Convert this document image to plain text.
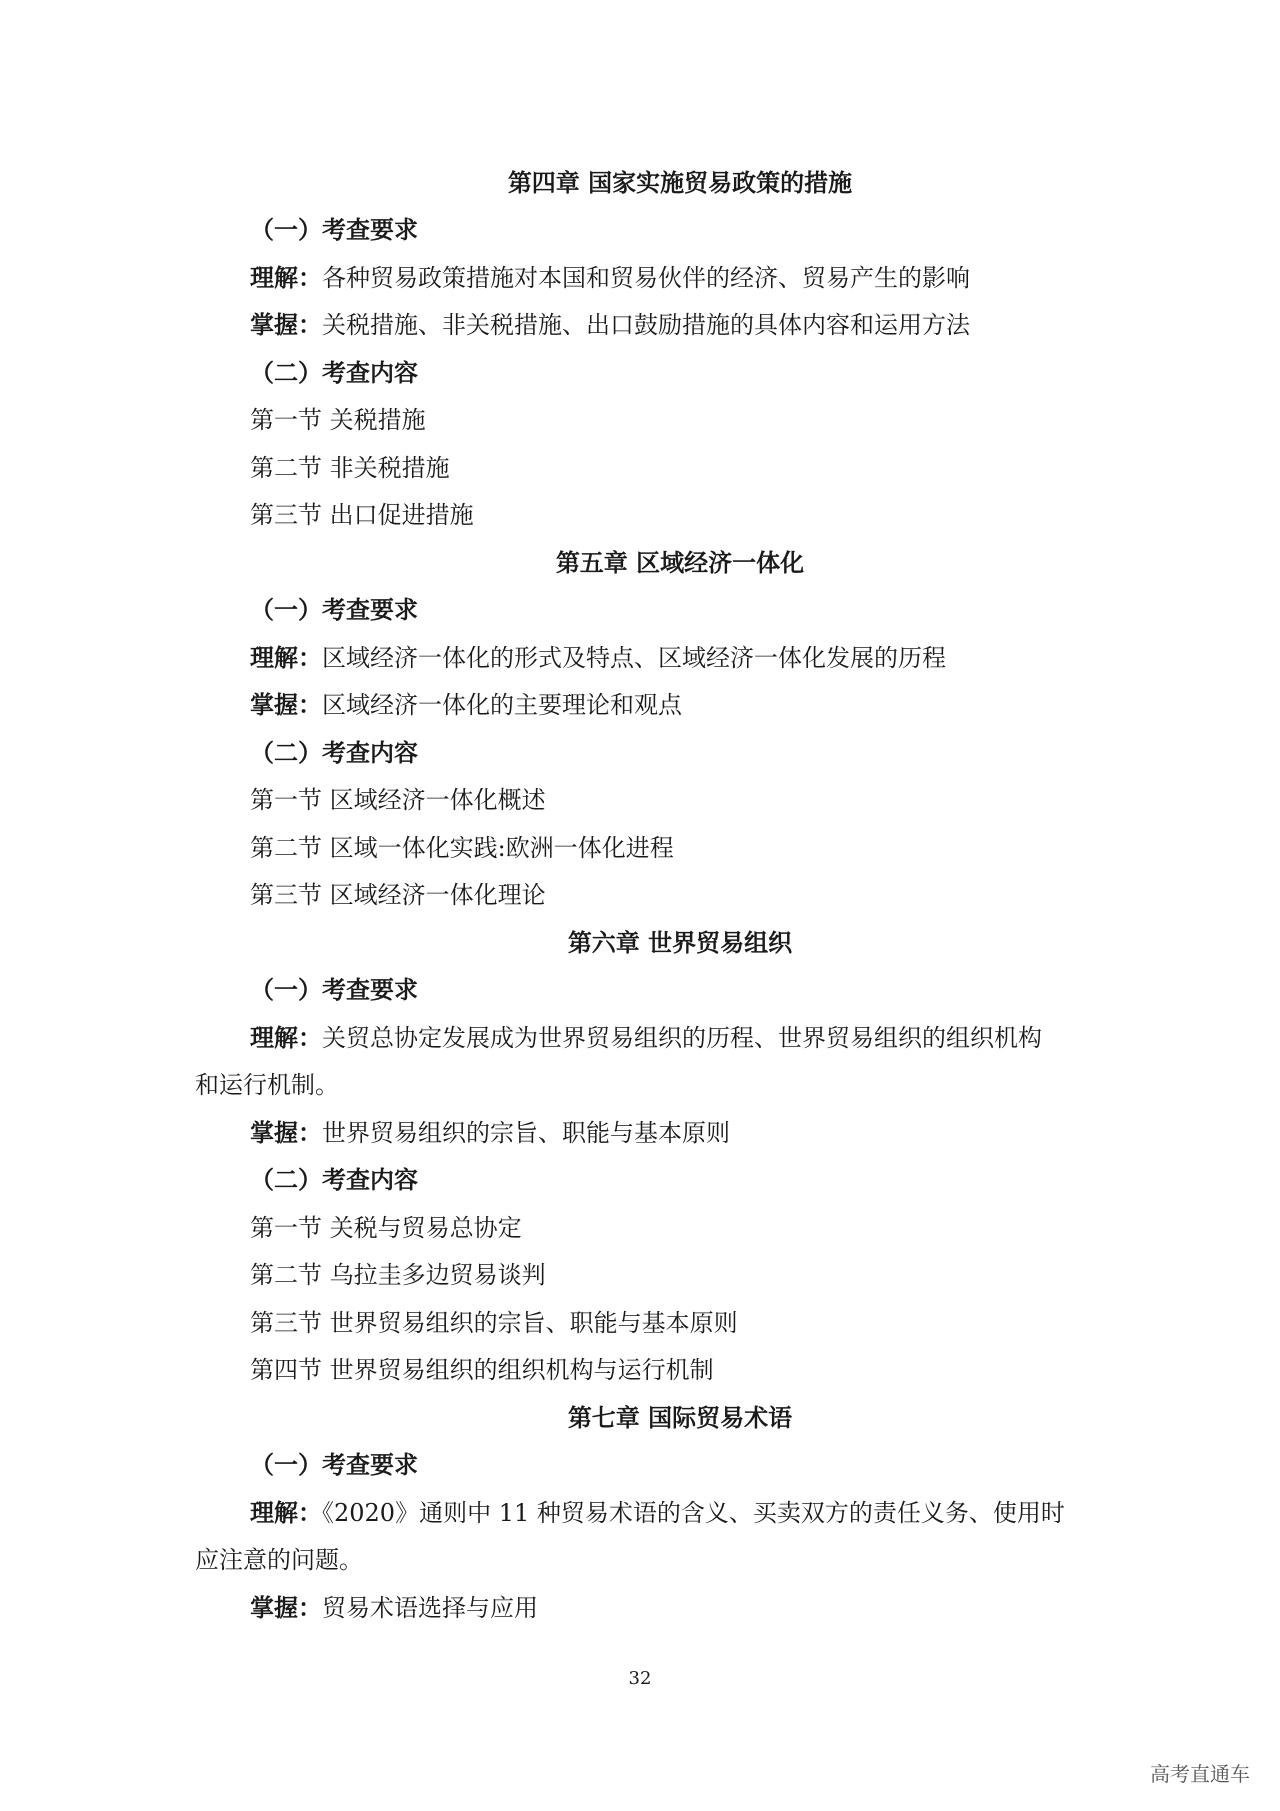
第四章 国家实施贸易政策的措施
（一）考查要求
理解：各种贸易政策措施对本国和贸易伙伴的经济、贸易产生的影响
掌握：关税措施、非关税措施、出口鼓励措施的具体内容和运用方法
（二）考查内容
第一节 关税措施
第二节 非关税措施
第三节 出口促进措施
第五章 区域经济一体化
（一）考查要求
理解：区域经济一体化的形式及特点、区域经济一体化发展的历程
掌握：区域经济一体化的主要理论和观点
（二）考查内容
第一节 区域经济一体化概述
第二节 区域一体化实践:欧洲一体化进程
第三节 区域经济一体化理论
第六章 世界贸易组织
（一）考查要求
理解：关贸总协定发展成为世界贸易组织的历程、世界贸易组织的组织机构
和运行机制。
掌握：世界贸易组织的宗旨、职能与基本原则
（二）考查内容
第一节 关税与贸易总协定
第二节 乌拉圭多边贸易谈判
第三节 世界贸易组织的宗旨、职能与基本原则
第四节 世界贸易组织的组织机构与运行机制
第七章 国际贸易术语
（一）考查要求
理解：《2020》通则中 11 种贸易术语的含义、买卖双方的责任义务、使用时
应注意的问题。
掌握：贸易术语选择与应用
32
高考直通车
